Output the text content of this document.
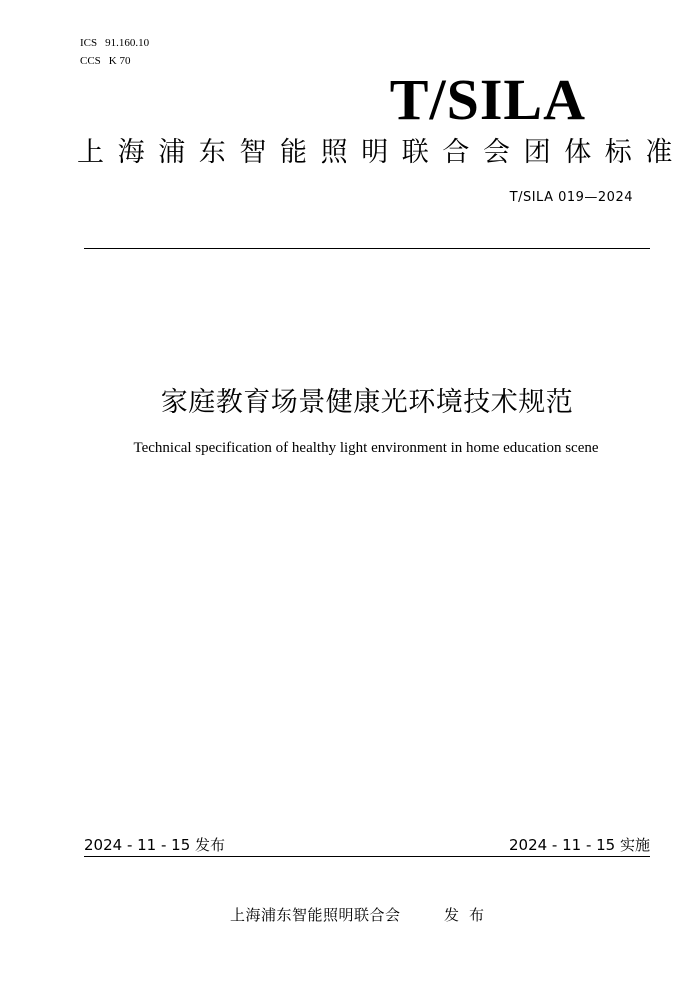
ICS 91.160.10
CCS K 70
T/SILA
上海浦东智能照明联合会团体标准
T/SILA 019—2024
家庭教育场景健康光环境技术规范
Technical specification of healthy light environment in home education scene
2024 - 11 - 15 发布	2024 - 11 - 15 实施
上海浦东智能照明联合会	发布
